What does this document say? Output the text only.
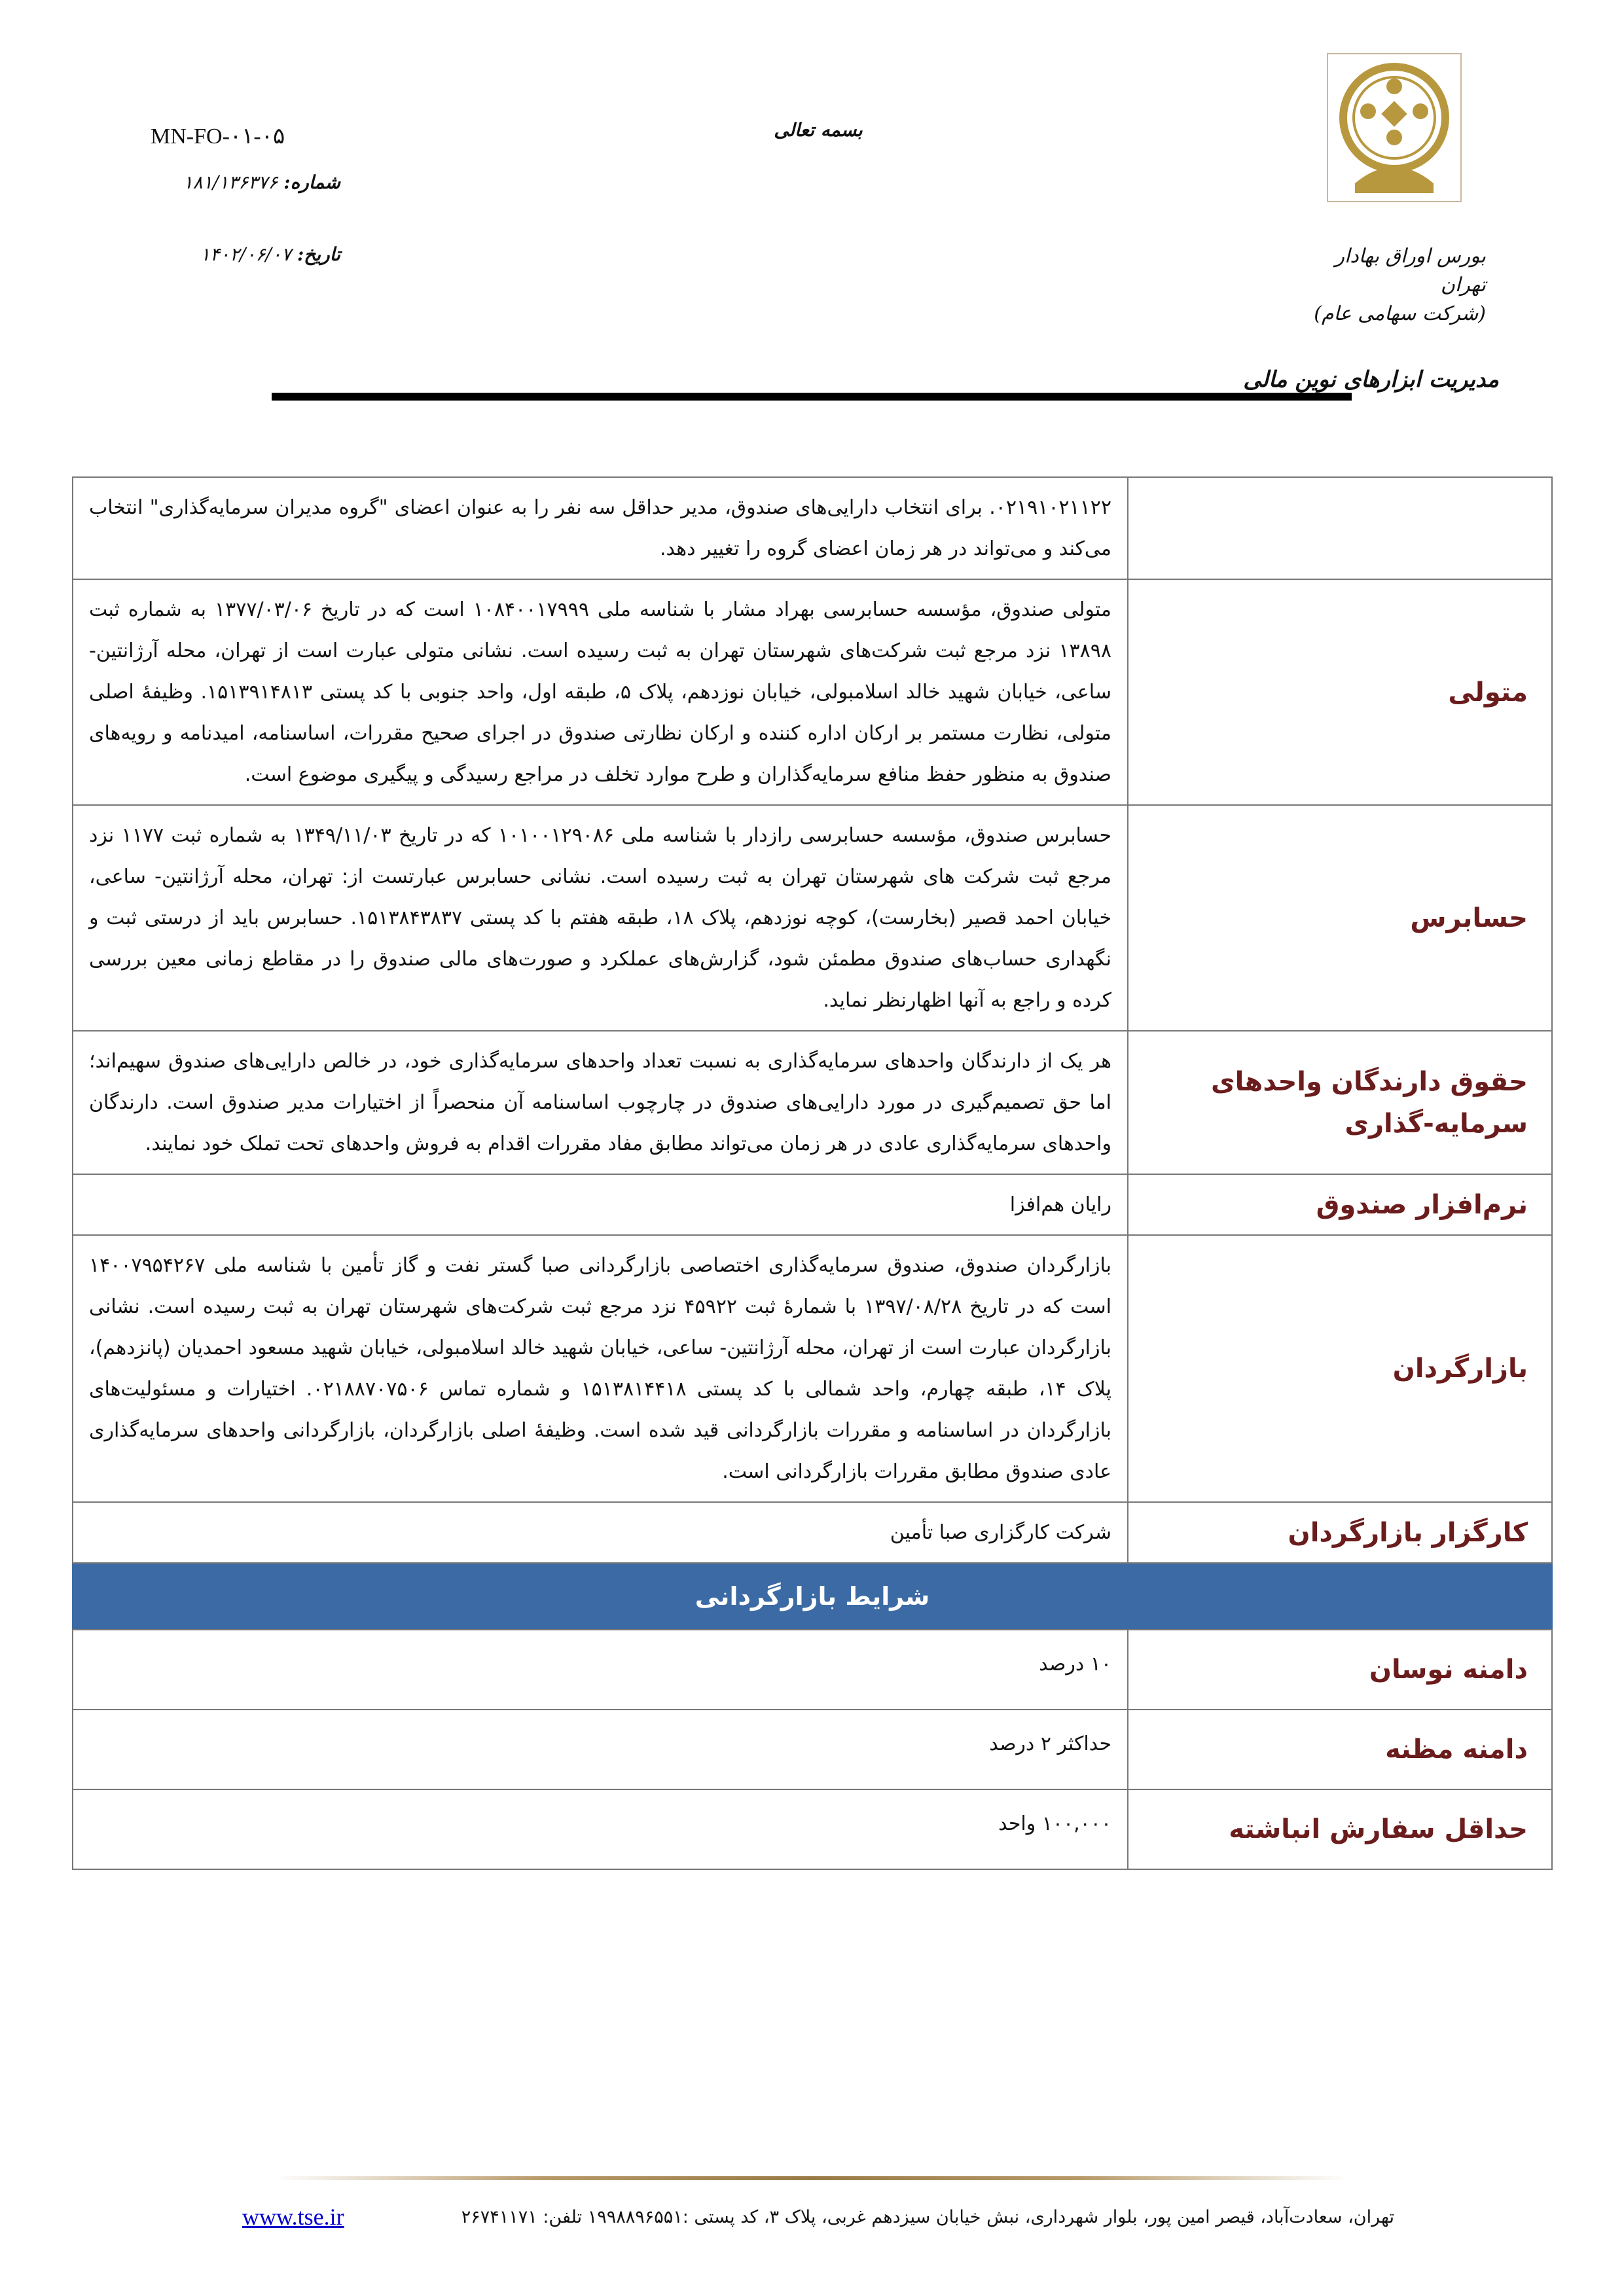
بورس اوراق بهادار تهران
(شرکت سهامی عام)
مدیریت ابزارهای نوین مالی
بسمه تعالی
MN-FO-۰۱-۰۵
شماره: ۱۸۱/۱۳۶۳۷۶
تاریخ: ۱۴۰۲/۰۶/۰۷
۰۲۱۹۱۰۲۱۱۲۲. برای انتخاب دارایی‌های صندوق، مدیر حداقل سه نفر را به عنوان اعضای "گروه مدیران سرمایه‌گذاری" انتخاب می‌کند و می‌تواند در هر زمان اعضای گروه را تغییر دهد.
متولی
متولی صندوق، مؤسسه حسابرسی بهراد مشار با شناسه ملی ۱۰۸۴۰۰۱۷۹۹۹ است که در تاریخ ۱۳۷۷/۰۳/۰۶ به شماره ثبت ۱۳۸۹۸ نزد مرجع ثبت شرکت‌های شهرستان تهران به ثبت رسیده است. نشانی متولی عبارت است از تهران، محله آرژانتین- ساعی، خیابان شهید خالد اسلامبولی، خیابان نوزدهم، پلاک ۵، طبقه اول، واحد جنوبی با کد پستی ۱۵۱۳۹۱۴۸۱۳. وظیفهٔ اصلی متولی، نظارت مستمر بر ارکان اداره کننده و ارکان نظارتی صندوق در اجرای صحیح مقررات، اساسنامه، امیدنامه و رویه‌های صندوق به منظور حفظ منافع سرمایه‌گذاران و طرح موارد تخلف در مراجع رسیدگی و پیگیری موضوع است.
حسابرس
حسابرس صندوق، مؤسسه حسابرسی رازدار با شناسه ملی ۱۰۱۰۰۱۲۹۰۸۶ که در تاریخ ۱۳۴۹/۱۱/۰۳ به شماره ثبت ۱۱۷۷ نزد مرجع ثبت شرکت های شهرستان تهران به ثبت رسیده است. نشانی حسابرس عبارتست از: تهران، محله آرژانتین- ساعی، خیابان احمد قصیر (بخارست)، کوچه نوزدهم، پلاک ۱۸، طبقه هفتم با کد پستی ۱۵۱۳۸۴۳۸۳۷. حسابرس باید از درستی ثبت و نگهداری حساب‌های صندوق مطمئن شود، گزارش‌های عملکرد و صورت‌های مالی صندوق را در مقاطع زمانی معین بررسی کرده و راجع به آنها اظهارنظر نماید.
حقوق دارندگان واحدهای سرمایه-گذاری
هر یک از دارندگان واحدهای سرمایه‌گذاری به نسبت تعداد واحدهای سرمایه‌گذاری خود، در خالص دارایی‌های صندوق سهیم‌اند؛ اما حق تصمیم‌گیری در مورد دارایی‌های صندوق در چارچوب اساسنامه آن منحصراً از اختیارات مدیر صندوق است. دارندگان واحدهای سرمایه‌گذاری عادی در هر زمان می‌تواند مطابق مفاد مقررات اقدام به فروش واحدهای تحت تملک خود نمایند.
نرم‌افزار صندوق
رایان هم‌افزا
بازارگردان
بازارگردان صندوق، صندوق سرمایه‌گذاری اختصاصی بازارگردانی صبا گستر نفت و گاز تأمین با شناسه ملی ۱۴۰۰۷۹۵۴۲۶۷ است که در تاریخ ۱۳۹۷/۰۸/۲۸ با شمارهٔ ثبت ۴۵۹۲۲ نزد مرجع ثبت شرکت‌های شهرستان تهران به ثبت رسیده است. نشانی بازارگردان عبارت است از تهران، محله آرژانتین- ساعی، خیابان شهید خالد اسلامبولی، خیابان شهید مسعود احمدیان (پانزدهم)، پلاک ۱۴، طبقه چهارم، واحد شمالی با کد پستی ۱۵۱۳۸۱۴۴۱۸ و شماره تماس ۰۲۱۸۸۷۰۷۵۰۶. اختیارات و مسئولیت‌های بازارگردان در اساسنامه و مقررات بازارگردانی قید شده است. وظیفهٔ اصلی بازارگردان، بازارگردانی واحدهای سرمایه‌گذاری عادی صندوق مطابق مقررات بازارگردانی است.
کارگزار بازارگردان
شرکت کارگزاری صبا تأمین
شرایط بازارگردانی
دامنه نوسان
۱۰ درصد
دامنه مظنه
حداکثر ۲ درصد
حداقل سفارش انباشته
۱۰۰,۰۰۰ واحد
تهران، سعادت‌آباد، قیصر امین پور، بلوار شهرداری، نبش خیابان سیزدهم غربی، پلاک ۳، کد پستی :۱۹۹۸۸۹۶۵۵۱ تلفن: ۲۶۷۴۱۱۷۱
www.tse.ir
